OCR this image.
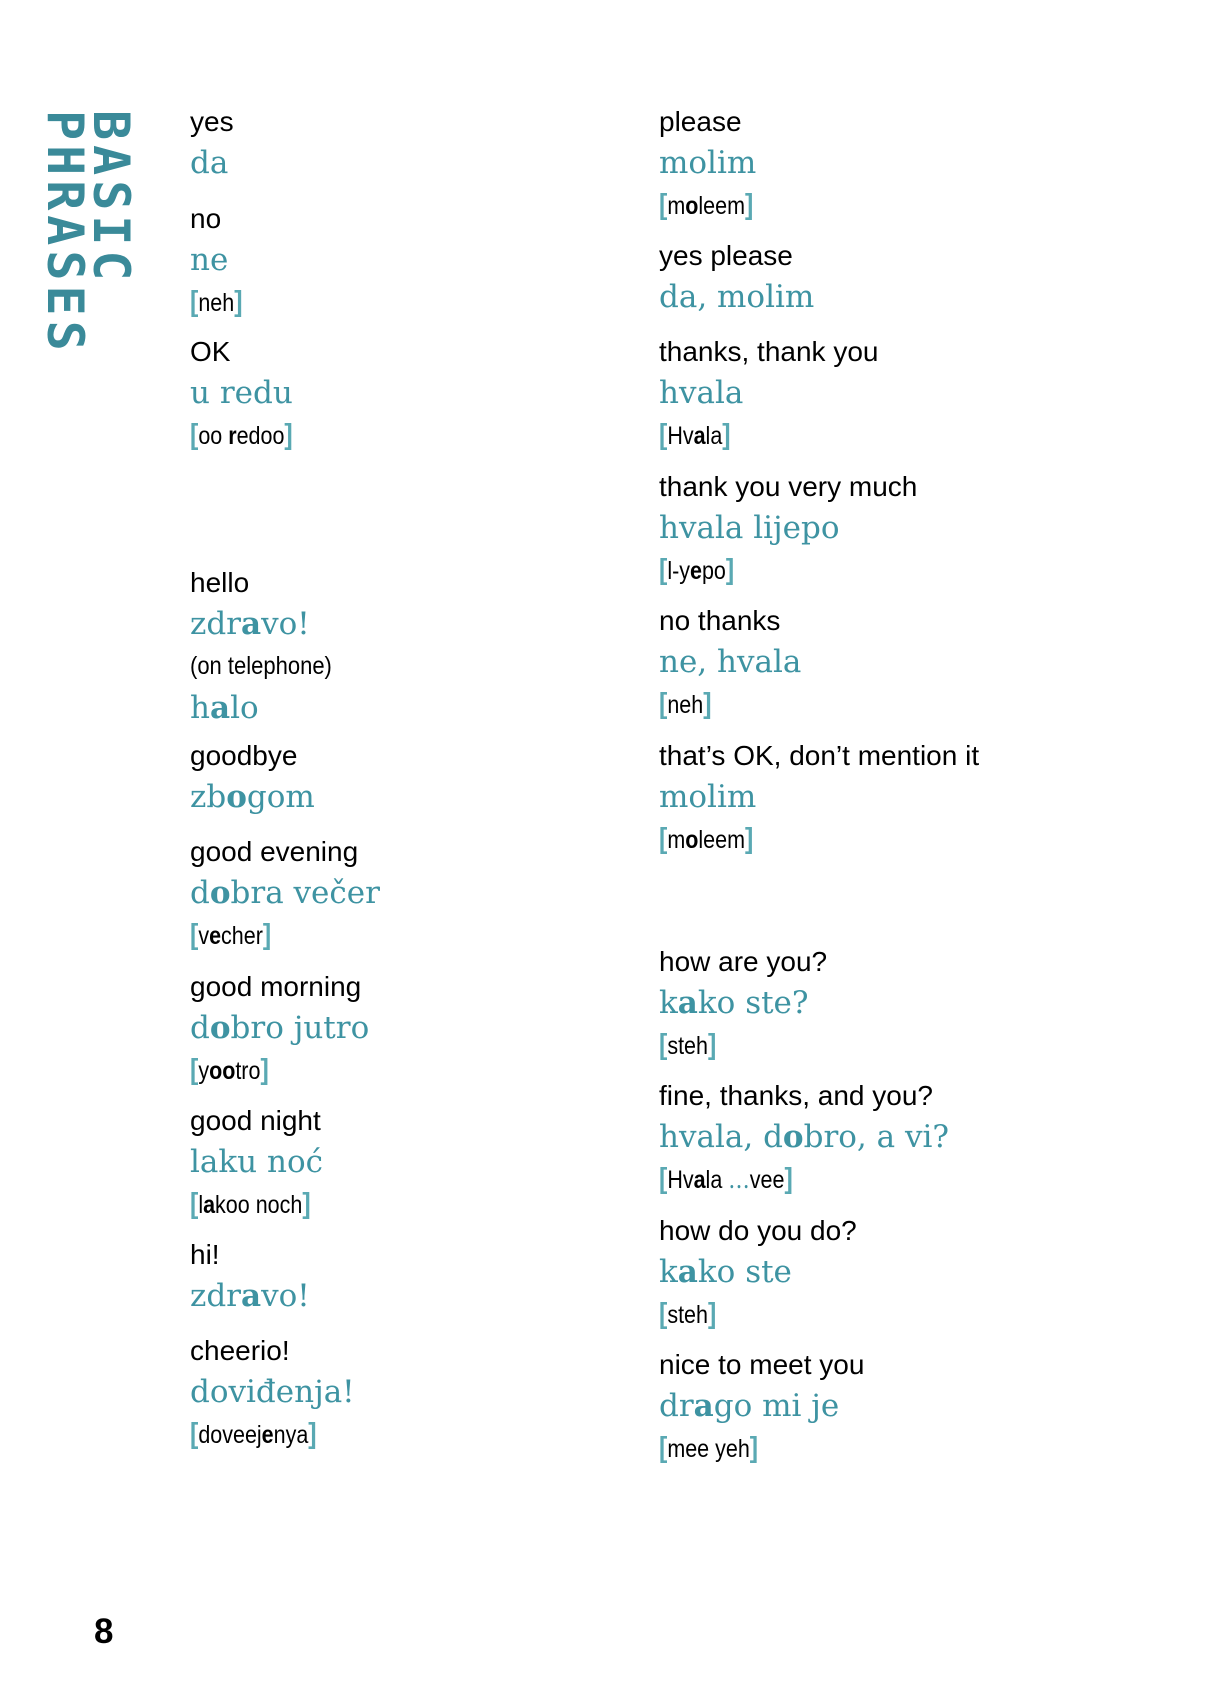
BASIC PHRASES	yes
da
no
ne
[neh]
OK
u redu
[oo redoo]
hello
zdravo!
(on telephone)
halo
goodbye
zbogom
good evening
dobra večer
[vecher]
good morning
dobro jutro
[yootro]
good night
laku noć
[lakoo noch]
hi!
zdravo!
cheerio!
doviđenja!
[doveejenya]
please
molim
[moleem]
yes please
da, molim
thanks, thank you
hvala
[Hvala]
thank you very much
hvala lijepo
[l-yepo]
no thanks
ne, hvala
[neh]
that’s OK, don’t mention it
molim
[moleem]
how are you?
kako ste?
[steh]
fine, thanks, and you?
hvala, dobro, a vi?
[Hvala …vee]
how do you do?
kako ste
[steh]
nice to meet you
drago mi je
[mee yeh]
8
